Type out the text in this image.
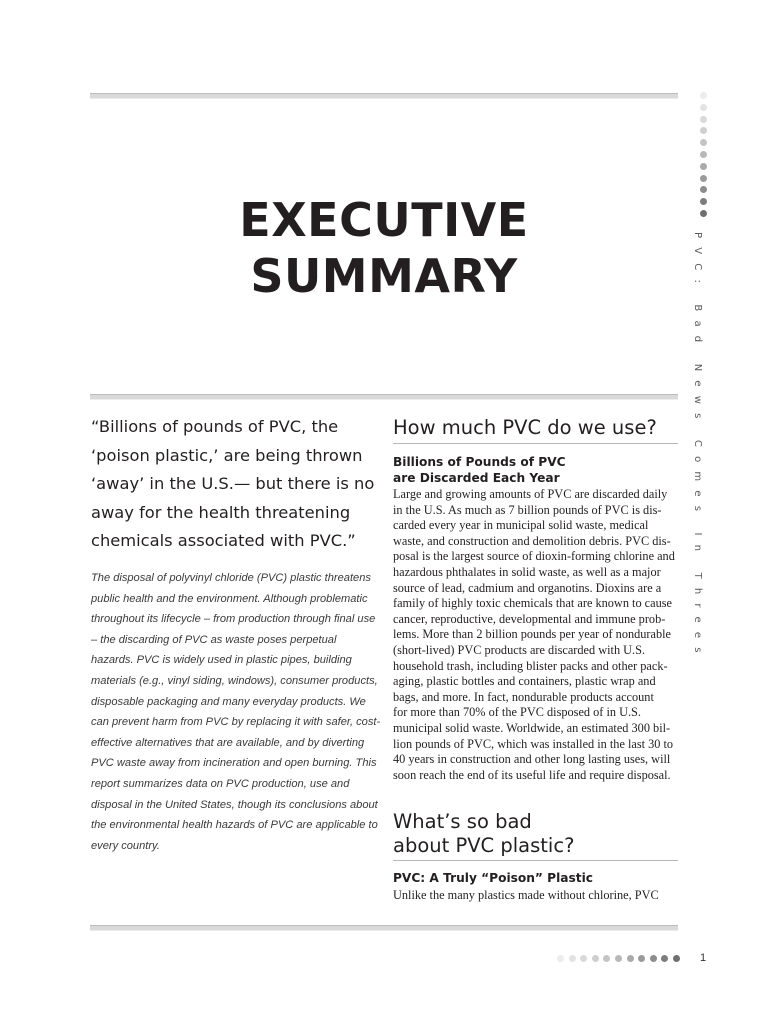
EXECUTIVE
SUMMARY	PVC: Bad News Comes In Threes
“Billions of pounds of PVC, the ‘poison plastic,’ are being thrown ‘away’ in the U.S.— but there is no away for the health threatening chemicals associated with PVC.”
The disposal of polyvinyl chloride (PVC) plastic threatens public health and the environment. Although problematic throughout its lifecycle – from production through final use – the discarding of PVC as waste poses perpetual hazards. PVC is widely used in plastic pipes, building materials (e.g., vinyl siding, windows), consumer products, disposable packaging and many everyday products. We can prevent harm from PVC by replacing it with safer, cost-effective alternatives that are available, and by diverting PVC waste away from incineration and open burning. This report summarizes data on PVC production, use and disposal in the United States, though its conclusions about the environmental health hazards of PVC are applicable to every country.
How much PVC do we use?
Billions of Pounds of PVC
are Discarded Each Year
Large and growing amounts of PVC are discarded daily
in the U.S. As much as 7 billion pounds of PVC is dis-
carded every year in municipal solid waste, medical
waste, and construction and demolition debris. PVC dis-
posal is the largest source of dioxin-forming chlorine and
hazardous phthalates in solid waste, as well as a major
source of lead, cadmium and organotins. Dioxins are a
family of highly toxic chemicals that are known to cause
cancer, reproductive, developmental and immune prob-
lems. More than 2 billion pounds per year of nondurable
(short-lived) PVC products are discarded with U.S.
household trash, including blister packs and other pack-
aging, plastic bottles and containers, plastic wrap and
bags, and more. In fact, nondurable products account
for more than 70% of the PVC disposed of in U.S.
municipal solid waste. Worldwide, an estimated 300 bil-
lion pounds of PVC, which was installed in the last 30 to
40 years in construction and other long lasting uses, will
soon reach the end of its useful life and require disposal.
What’s so bad
about PVC plastic?
PVC: A Truly “Poison” Plastic
Unlike the many plastics made without chlorine, PVC
1
